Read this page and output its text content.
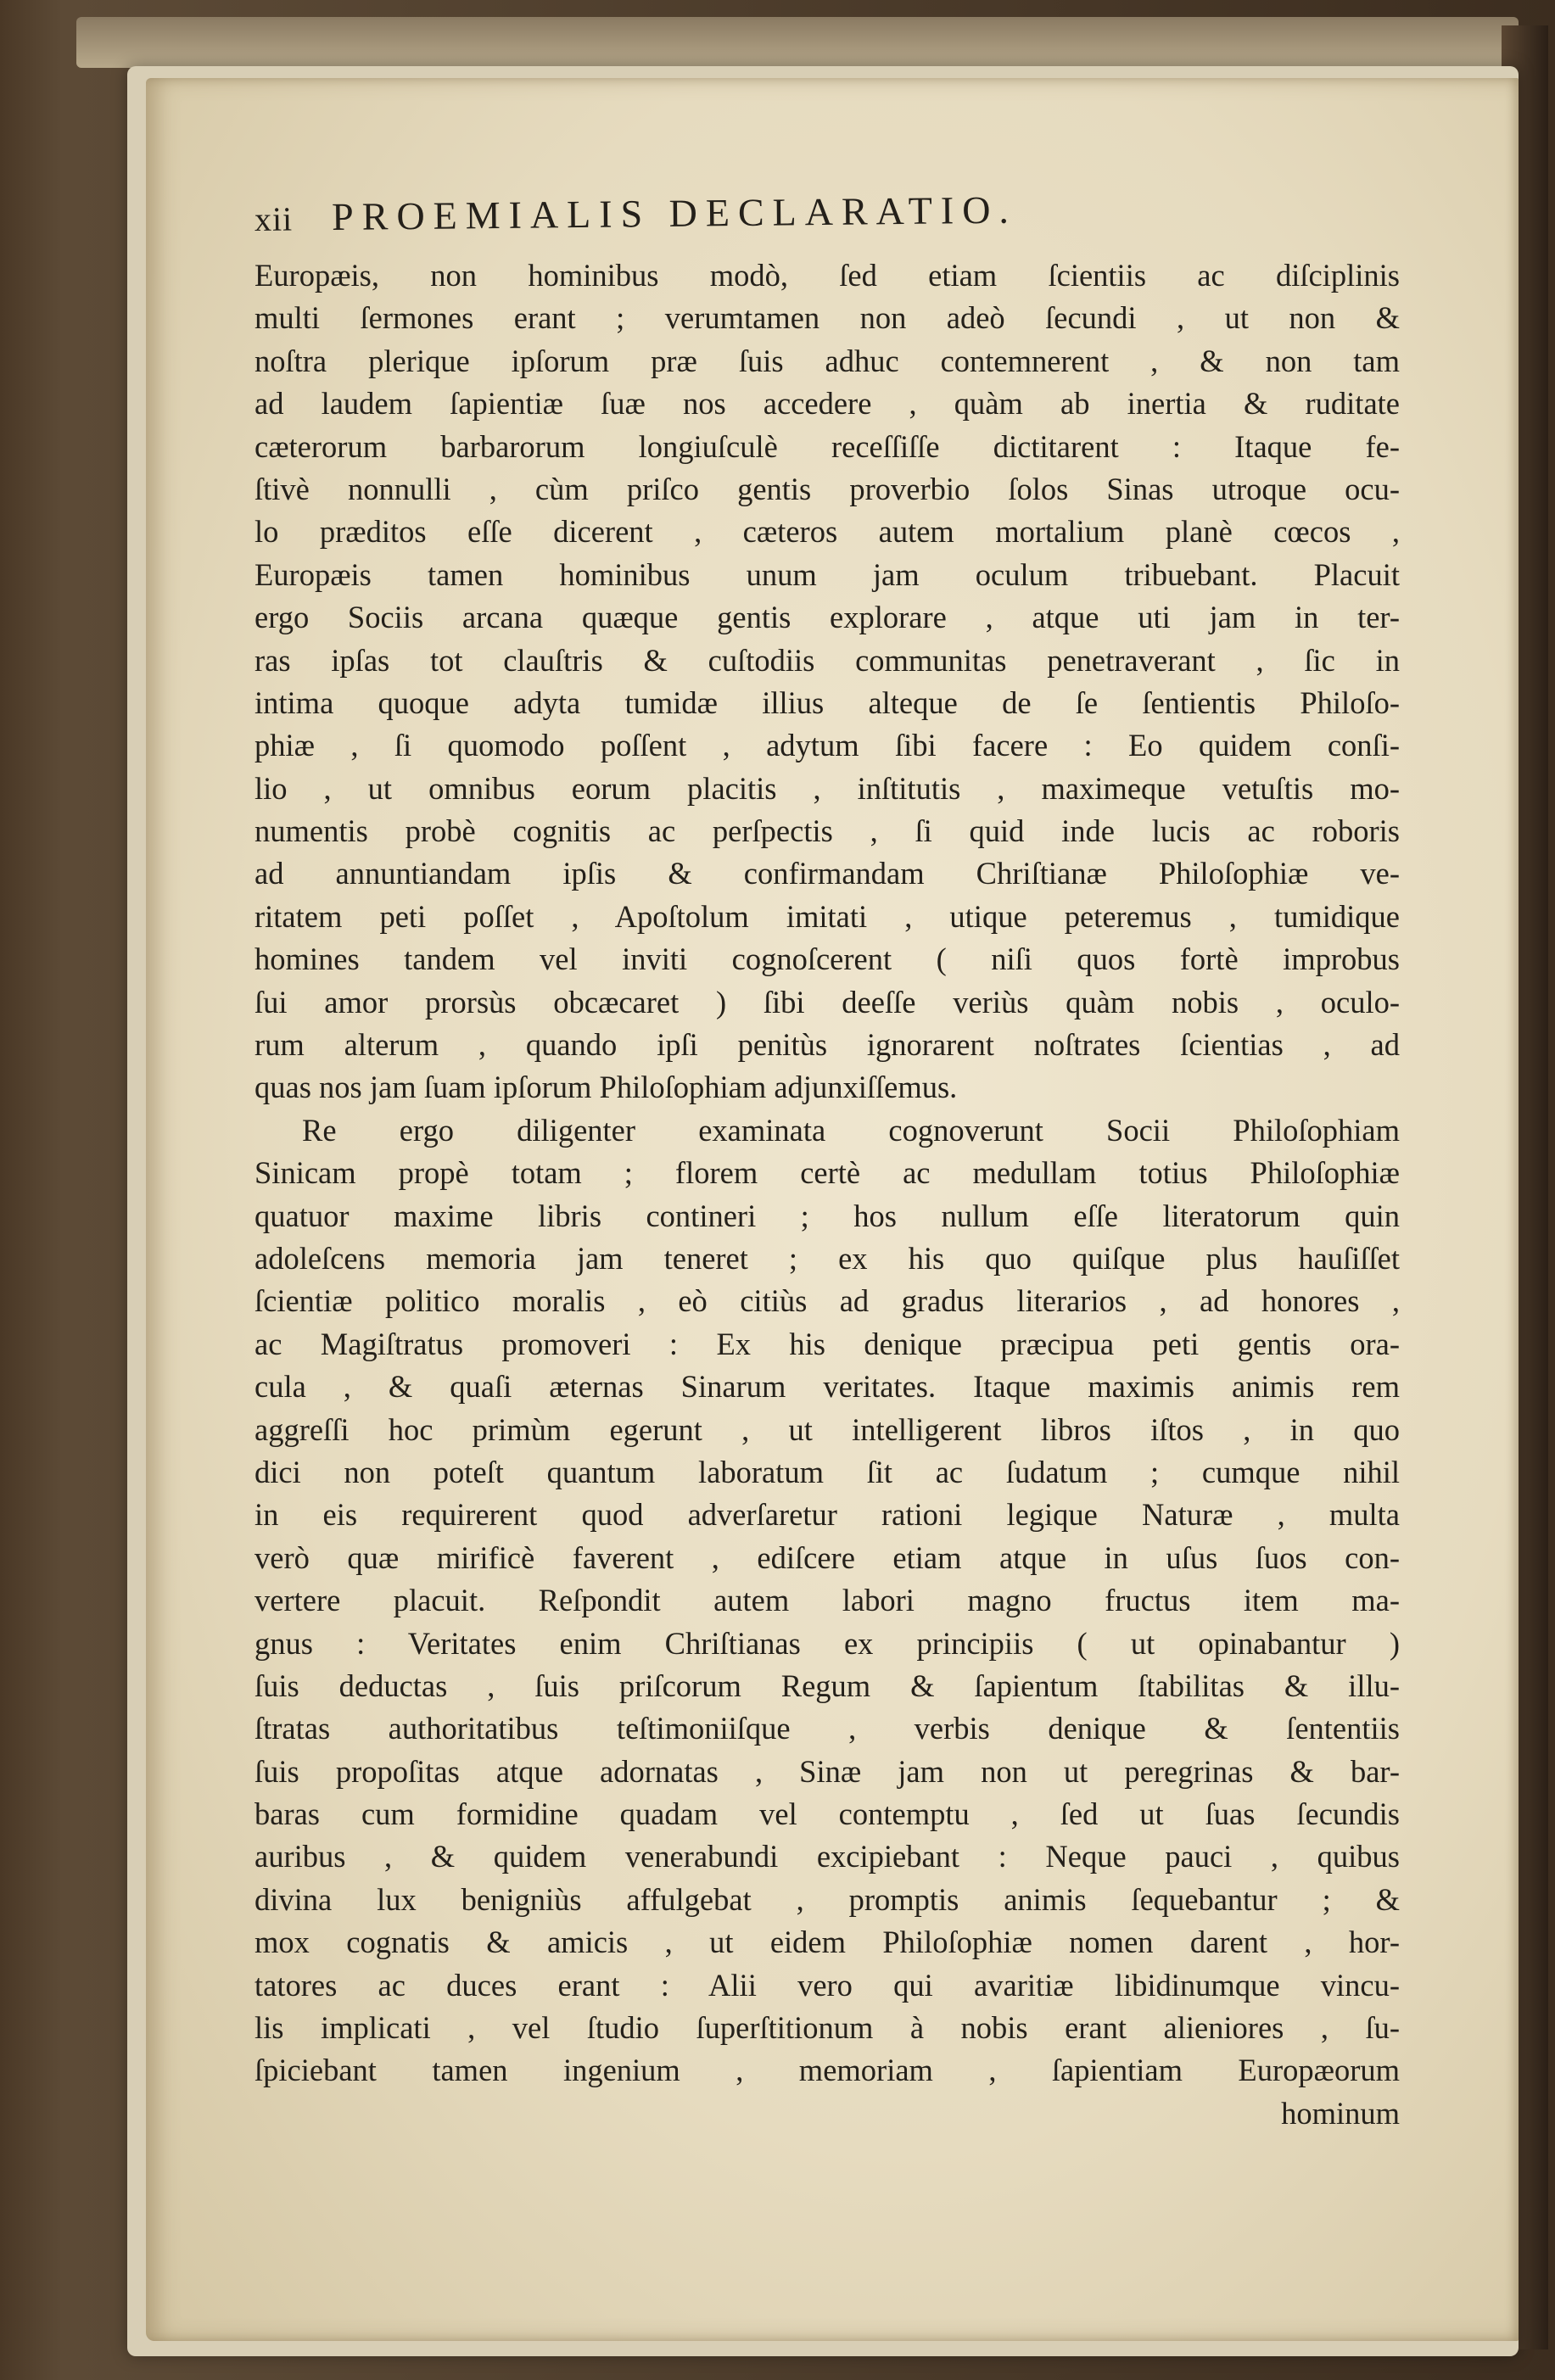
xii PROEMIALIS DECLARATIO.
Europæis, non hominibus modò, ſed etiam ſcientiis ac diſciplinis
multi ſermones erant ; verumtamen non adeò ſecundi , ut non &
noſtra plerique ipſorum præ ſuis adhuc contemnerent , & non tam
ad laudem ſapientiæ ſuæ nos accedere , quàm ab inertia & ruditate
cæterorum barbarorum longiuſculè receſſiſſe dictitarent : Itaque fe-
ſtivè nonnulli , cùm priſco gentis proverbio ſolos Sinas utroque ocu-
lo præditos eſſe dicerent , cæteros autem mortalium planè cœcos ,
Europæis tamen hominibus unum jam oculum tribuebant. Placuit
ergo Sociis arcana quæque gentis explorare , atque uti jam in ter-
ras ipſas tot clauſtris & cuſtodiis communitas penetraverant , ſic in
intima quoque adyta tumidæ illius alteque de ſe ſentientis Philoſo-
phiæ , ſi quomodo poſſent , adytum ſibi facere : Eo quidem conſi-
lio , ut omnibus eorum placitis , inſtitutis , maximeque vetuſtis mo-
numentis probè cognitis ac perſpectis , ſi quid inde lucis ac roboris
ad annuntiandam ipſis & confirmandam Chriſtianæ Philoſophiæ ve-
ritatem peti poſſet , Apoſtolum imitati , utique peteremus , tumidique
homines tandem vel inviti cognoſcerent ( niſi quos fortè improbus
ſui amor prorsùs obcæcaret ) ſibi deeſſe veriùs quàm nobis , oculo-
rum alterum , quando ipſi penitùs ignorarent noſtrates ſcientias , ad
quas nos jam ſuam ipſorum Philoſophiam adjunxiſſemus.
Re ergo diligenter examinata cognoverunt Socii Philoſophiam
Sinicam propè totam ; florem certè ac medullam totius Philoſophiæ
quatuor maxime libris contineri ; hos nullum eſſe literatorum quin
adoleſcens memoria jam teneret ; ex his quo quiſque plus hauſiſſet
ſcientiæ politico moralis , eò citiùs ad gradus literarios , ad honores ,
ac Magiſtratus promoveri : Ex his denique præcipua peti gentis ora-
cula , & quaſi æternas Sinarum veritates. Itaque maximis animis rem
aggreſſi hoc primùm egerunt , ut intelligerent libros iſtos , in quo
dici non poteſt quantum laboratum ſit ac ſudatum ; cumque nihil
in eis requirerent quod adverſaretur rationi legique Naturæ , multa
verò quæ mirificè faverent , ediſcere etiam atque in uſus ſuos con-
vertere placuit. Reſpondit autem labori magno fructus item ma-
gnus : Veritates enim Chriſtianas ex principiis ( ut opinabantur )
ſuis deductas , ſuis priſcorum Regum & ſapientum ſtabilitas & illu-
ſtratas authoritatibus teſtimoniiſque , verbis denique & ſententiis
ſuis propoſitas atque adornatas , Sinæ jam non ut peregrinas & bar-
baras cum formidine quadam vel contemptu , ſed ut ſuas ſecundis
auribus , & quidem venerabundi excipiebant : Neque pauci , quibus
divina lux benigniùs affulgebat , promptis animis ſequebantur ; &
mox cognatis & amicis , ut eidem Philoſophiæ nomen darent , hor-
tatores ac duces erant : Alii vero qui avaritiæ libidinumque vincu-
lis implicati , vel ſtudio ſuperſtitionum à nobis erant alieniores , ſu-
ſpiciebant tamen ingenium , memoriam , ſapientiam Europæorum
hominum
